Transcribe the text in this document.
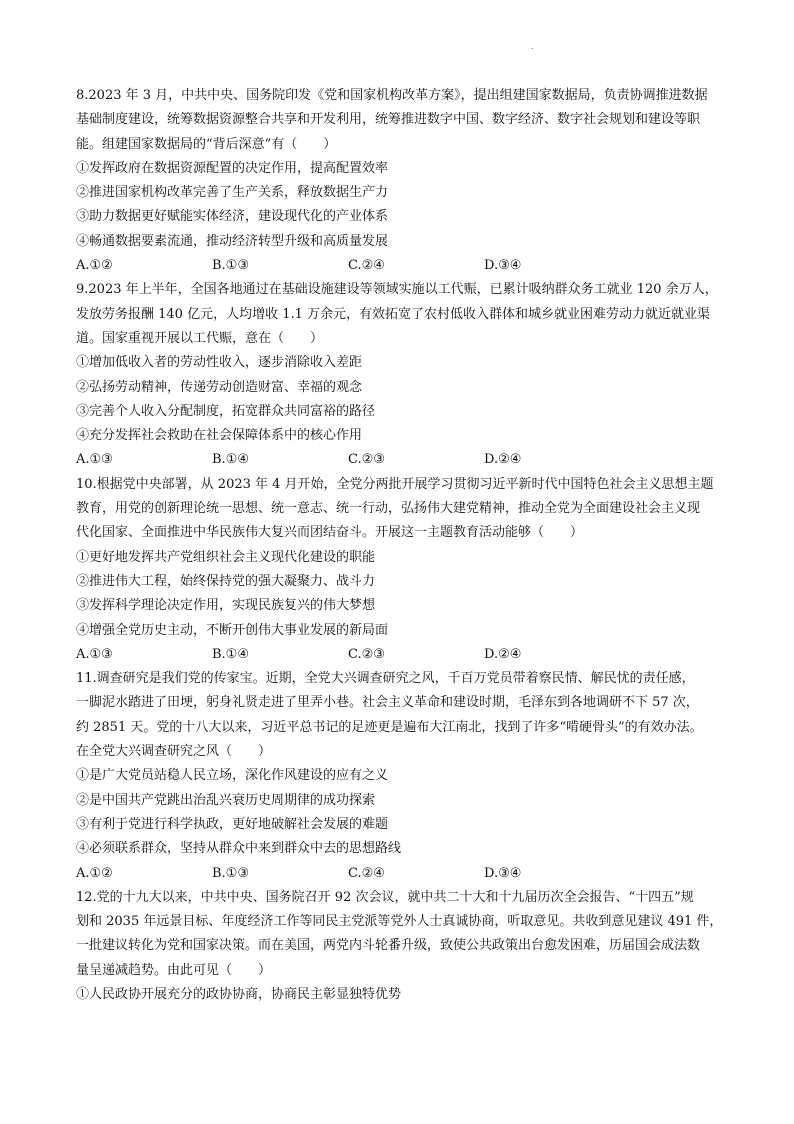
.
8.2023 年 3 月，中共中央、国务院印发《党和国家机构改革方案》，提出组建国家数据局，负责协调推进数据
基础制度建设，统筹数据资源整合共享和开发利用，统筹推进数字中国、数字经济、数字社会规划和建设等职
能。组建国家数据局的“背后深意”有（　　）
①发挥政府在数据资源配置的决定作用，提高配置效率
②推进国家机构改革完善了生产关系，释放数据生产力
③助力数据更好赋能实体经济，建设现代化的产业体系
④畅通数据要素流通，推动经济转型升级和高质量发展
A.①②	B.①③	C.②④	D.③④
9.2023 年上半年，全国各地通过在基础设施建设等领域实施以工代赈，已累计吸纳群众务工就业 120 余万人，
发放劳务报酬 140 亿元，人均增收 1.1 万余元，有效拓宽了农村低收入群体和城乡就业困难劳动力就近就业渠
道。国家重视开展以工代赈，意在（　　）
①增加低收入者的劳动性收入，逐步消除收入差距
②弘扬劳动精神，传递劳动创造财富、幸福的观念
③完善个人收入分配制度，拓宽群众共同富裕的路径
④充分发挥社会救助在社会保障体系中的核心作用
A.①③	B.①④	C.②③	D.②④
10.根据党中央部署，从 2023 年 4 月开始，全党分两批开展学习贯彻习近平新时代中国特色社会主义思想主题
教育，用党的创新理论统一思想、统一意志、统一行动，弘扬伟大建党精神，推动全党为全面建设社会主义现
代化国家、全面推进中华民族伟大复兴而团结奋斗。开展这一主题教育活动能够（　　）
①更好地发挥共产党组织社会主义现代化建设的职能
②推进伟大工程，始终保持党的强大凝聚力、战斗力
③发挥科学理论决定作用，实现民族复兴的伟大梦想
④增强全党历史主动，不断开创伟大事业发展的新局面
A.①③	B.①④	C.②③	D.②④
11.调查研究是我们党的传家宝。近期，全党大兴调查研究之风，千百万党员带着察民情、解民忧的责任感，
一脚泥水踏进了田埂，躬身礼贤走进了里弄小巷。社会主义革命和建设时期，毛泽东到各地调研不下 57 次，
约 2851 天。党的十八大以来，习近平总书记的足迹更是遍布大江南北，找到了许多“啃硬骨头”的有效办法。
在全党大兴调查研究之风（　　）
①是广大党员站稳人民立场，深化作风建设的应有之义
②是中国共产党跳出治乱兴衰历史周期律的成功探索
③有利于党进行科学执政，更好地破解社会发展的难题
④必须联系群众，坚持从群众中来到群众中去的思想路线
A.①②	B.①③	C.②④	D.③④
12.党的十九大以来，中共中央、国务院召开 92 次会议，就中共二十大和十九届历次全会报告、“十四五”规
划和 2035 年远景目标、年度经济工作等同民主党派等党外人士真诚协商，听取意见。共收到意见建议 491 件，
一批建议转化为党和国家决策。而在美国，两党内斗轮番升级，致使公共政策出台愈发困难，历届国会成法数
量呈递减趋势。由此可见（　　）
①人民政协开展充分的政协协商，协商民主彰显独特优势
